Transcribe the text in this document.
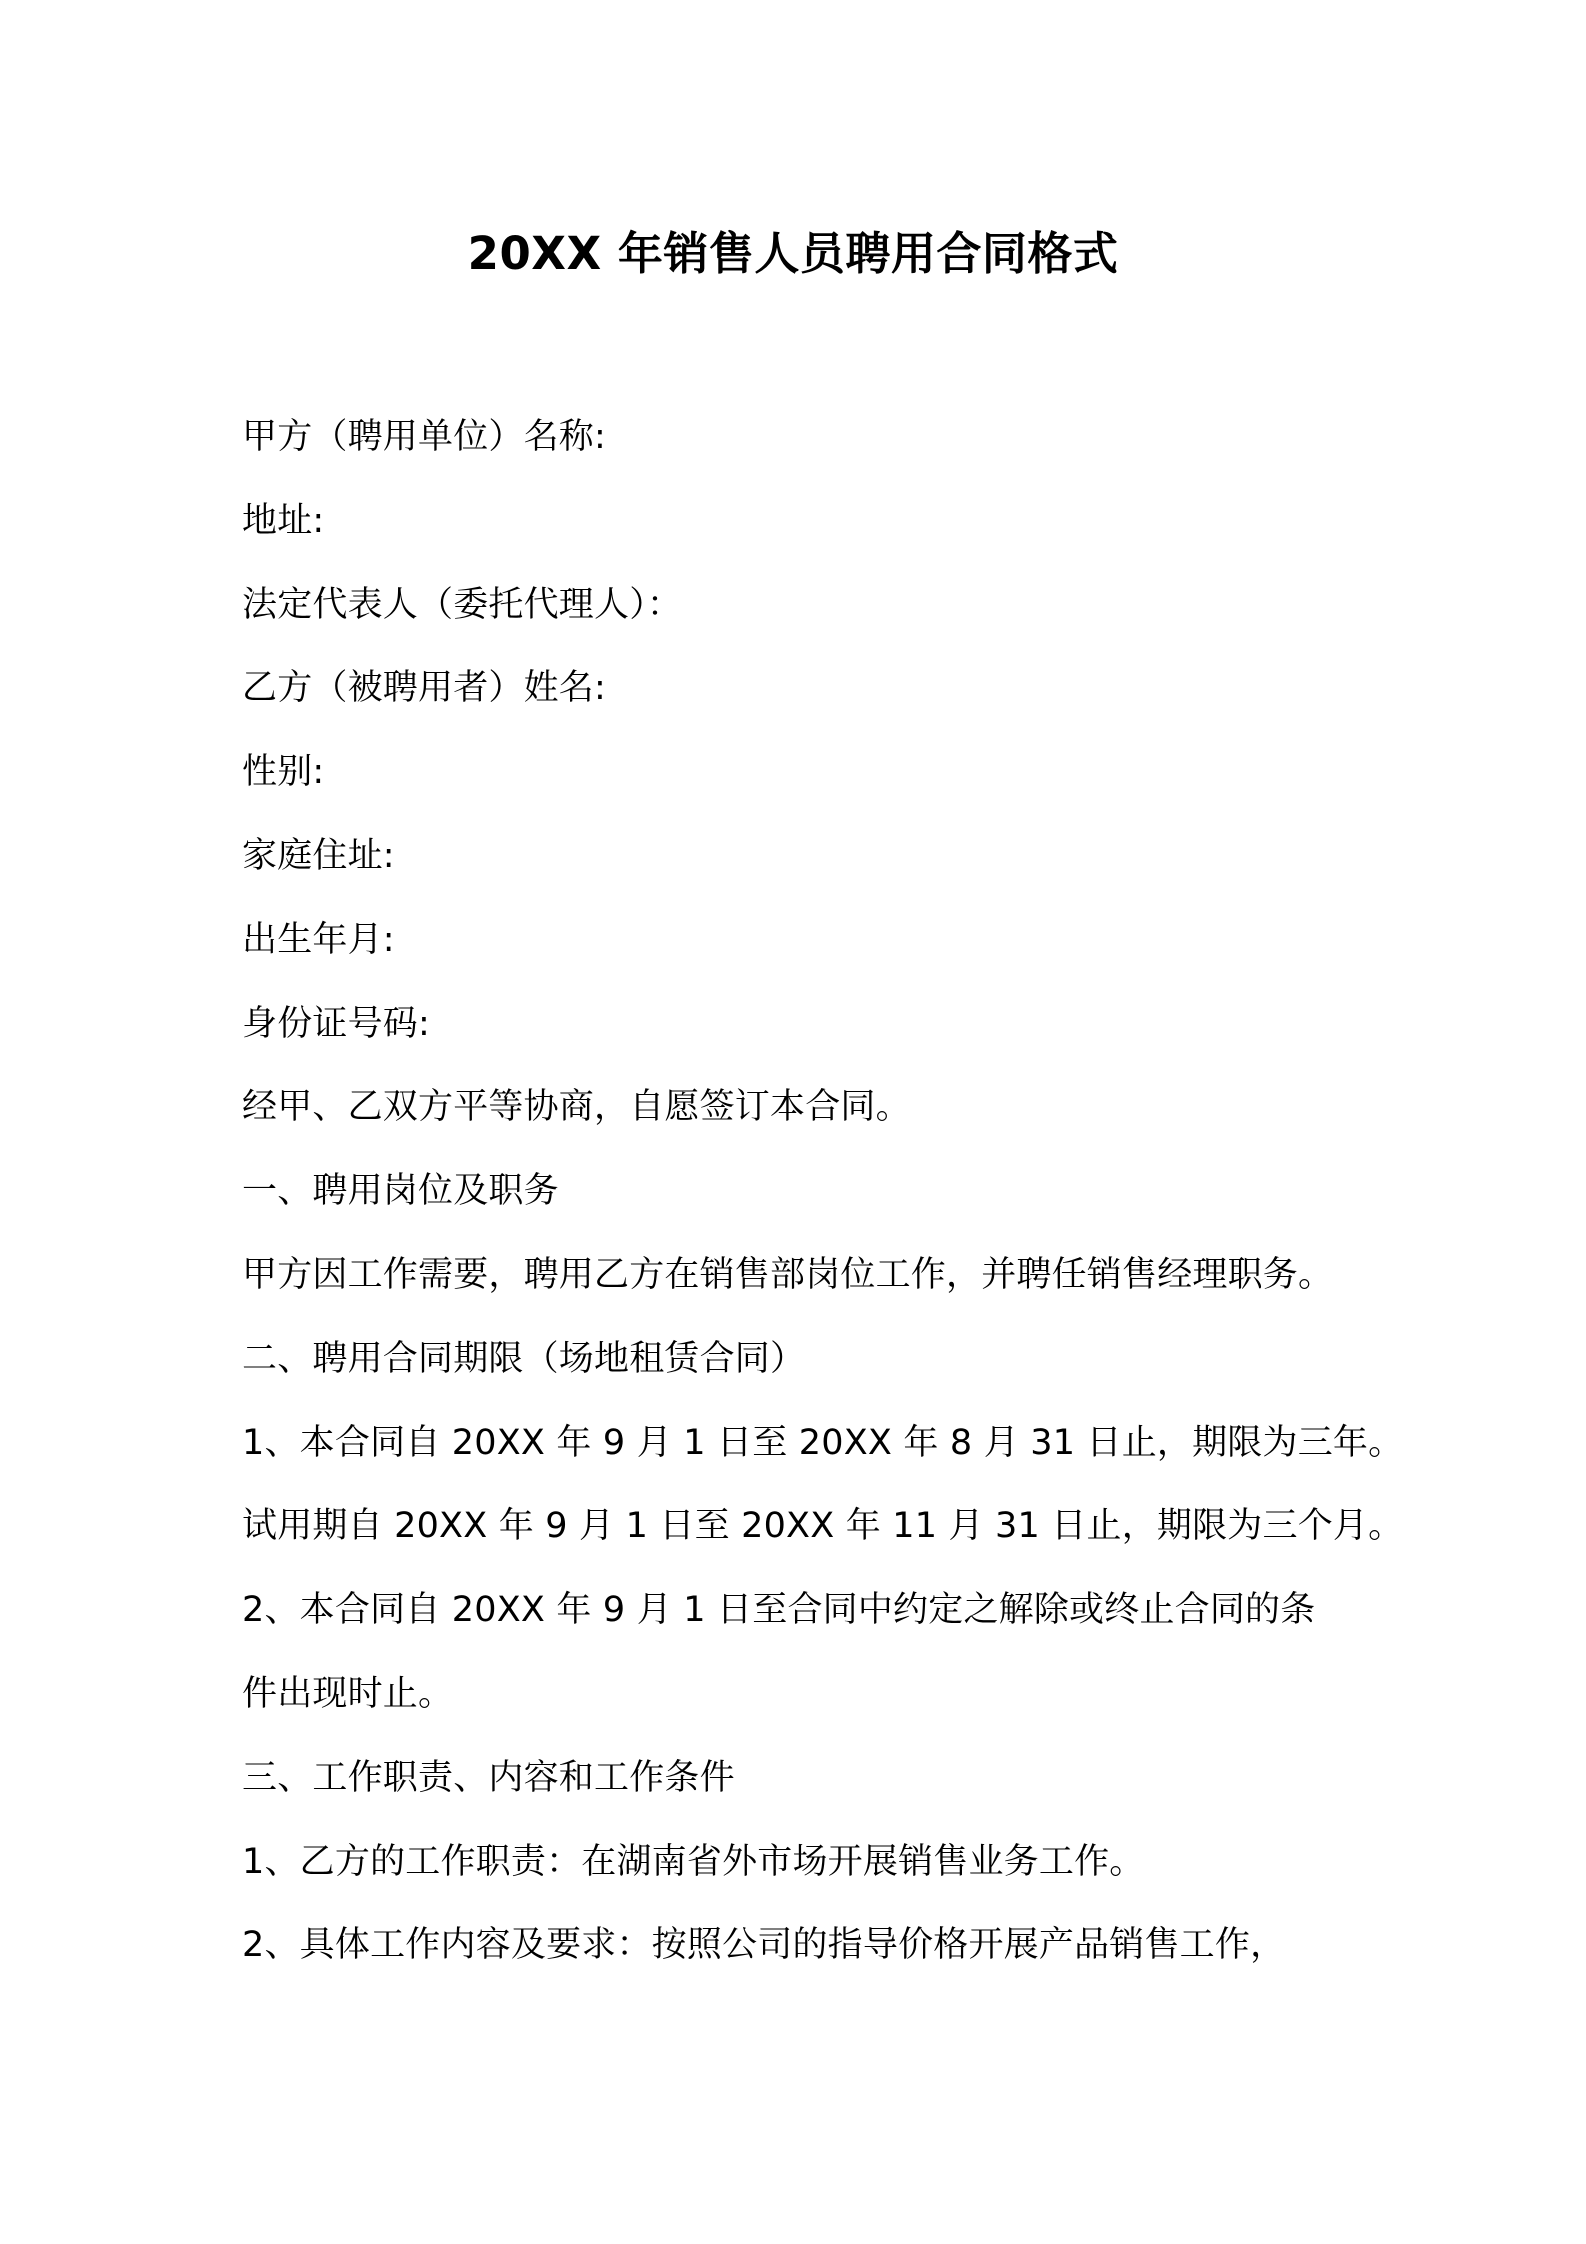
20XX 年销售人员聘用合同格式
甲方（聘用单位）名称:
地址:
法定代表人（委托代理人）：
乙方（被聘用者）姓名:
性别:
家庭住址:
出生年月:
身份证号码:
经甲、乙双方平等协商，自愿签订本合同。
一、聘用岗位及职务
甲方因工作需要，聘用乙方在销售部岗位工作，并聘任销售经理职务。
二、聘用合同期限（场地租赁合同）
1、本合同自 20XX 年 9 月 1 日至 20XX 年 8 月 31 日止，期限为三年。
试用期自 20XX 年 9 月 1 日至 20XX 年 11 月 31 日止，期限为三个月。
2、本合同自 20XX 年 9 月 1 日至合同中约定之解除或终止合同的条
件出现时止。
三、工作职责、内容和工作条件
1、乙方的工作职责：在湖南省外市场开展销售业务工作。
2、具体工作内容及要求：按照公司的指导价格开展产品销售工作，
